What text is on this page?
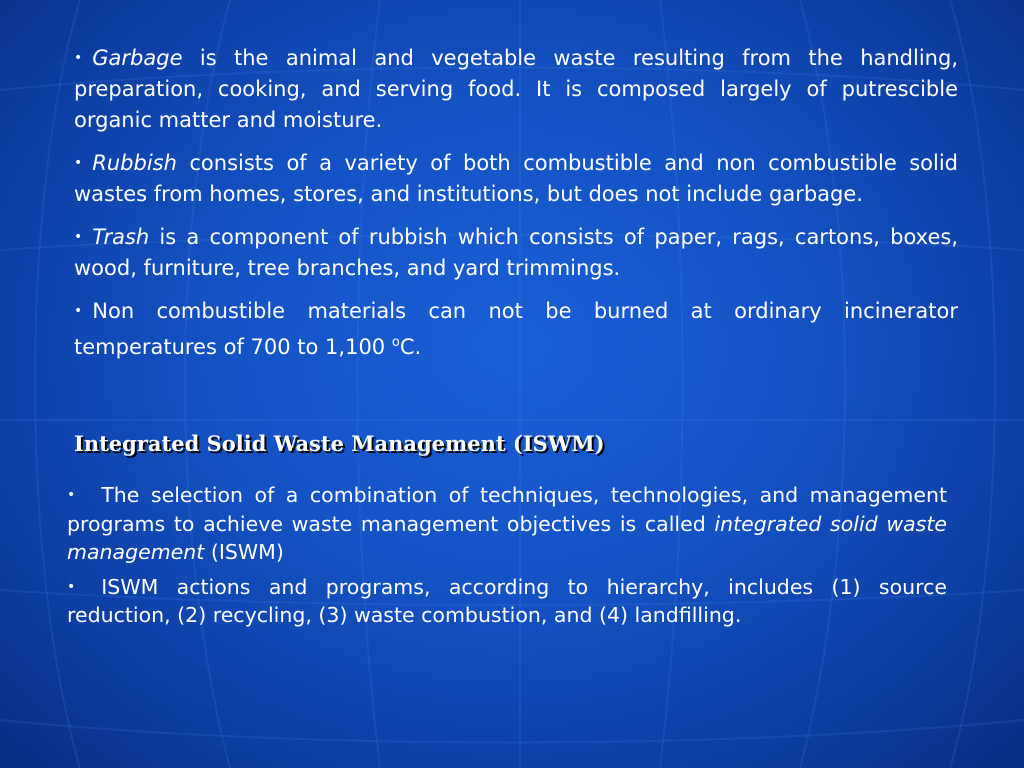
• Garbage is the animal and vegetable waste resulting from the handling, preparation, cooking, and serving food. It is composed largely of putrescible organic matter and moisture.
• Rubbish consists of a variety of both combustible and non combustible solid wastes from homes, stores, and institutions, but does not include garbage.
• Trash is a component of rubbish which consists of paper, rags, cartons, boxes, wood, furniture, tree branches, and yard trimmings.
• Non combustible materials can not be burned at ordinary incinerator temperatures of 700 to 1,100 $^o$C.
Integrated Solid Waste Management (ISWM)
• The selection of a combination of techniques, technologies, and management programs to achieve waste management objectives is called integrated solid waste management (ISWM)
• ISWM actions and programs, according to hierarchy, includes (1) source reduction, (2) recycling, (3) waste combustion, and (4) landfilling.
